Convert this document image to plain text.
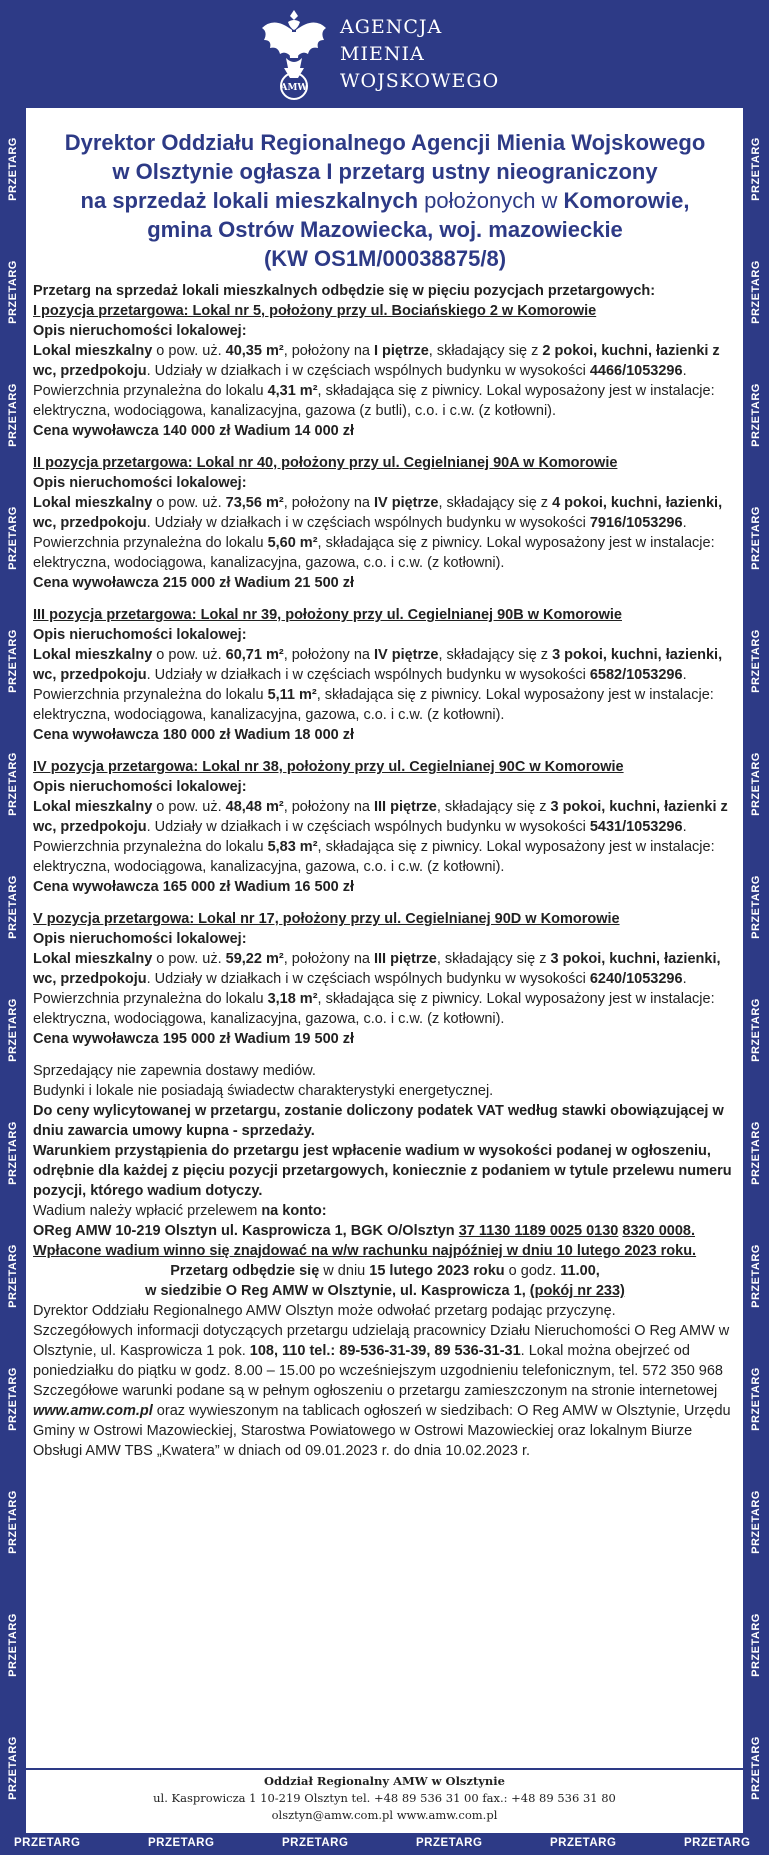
AMW
AGENCJA
MIENIA
WOJSKOWEGO
PRZETARG
PRZETARG
PRZETARG
PRZETARG
PRZETARG
PRZETARG
PRZETARG
PRZETARG
PRZETARG
PRZETARG
PRZETARG
PRZETARG
PRZETARG
PRZETARG
PRZETARG
PRZETARG
PRZETARG
PRZETARG
PRZETARG
PRZETARG
PRZETARG
PRZETARG
PRZETARG
PRZETARG
PRZETARG
PRZETARG
PRZETARG
PRZETARG
PRZETARG	PRZETARG	PRZETARG	PRZETARG	PRZETARG	PRZETARG
Dyrektor Oddziału Regionalnego Agencji Mienia Wojskowego
w Olsztynie ogłasza I przetarg ustny nieograniczony
na sprzedaż lokali mieszkalnych położonych w Komorowie,
gmina Ostrów Mazowiecka, woj. mazowieckie
(KW OS1M/00038875/8)

Przetarg na sprzedaż lokali mieszkalnych odbędzie się w pięciu pozycjach przetargowych:

I pozycja przetargowa: Lokal nr 5, położony przy ul. Bociańskiego 2 w Komorowie

Opis nieruchomości lokalowej:

Lokal mieszkalny o pow. uż. 40,35 m², położony na I piętrze, składający się z 2 pokoi, kuchni, łazienki z wc, przedpokoju. Udziały w działkach i w częściach wspólnych budynku w wysokości 4466/1053296. Powierzchnia przynależna do lokalu 4,31 m², składająca się z piwnicy. Lokal wyposażony jest w instalacje: elektryczna, wodociągowa, kanalizacyjna, gazowa (z butli), c.o. i c.w. (z kotłowni).

Cena wywoławcza 140 000 zł Wadium 14 000 zł

II pozycja przetargowa: Lokal nr 40, położony przy ul. Cegielnianej 90A w Komorowie

Opis nieruchomości lokalowej:

Lokal mieszkalny o pow. uż. 73,56 m², położony na IV piętrze, składający się z 4 pokoi, kuchni, łazienki, wc, przedpokoju. Udziały w działkach i w częściach wspólnych budynku w wysokości 7916/1053296. Powierzchnia przynależna do lokalu 5,60 m², składająca się z piwnicy. Lokal wyposażony jest w instalacje: elektryczna, wodociągowa, kanalizacyjna, gazowa, c.o. i c.w. (z kotłowni).

Cena wywoławcza 215 000 zł Wadium 21 500 zł

III pozycja przetargowa: Lokal nr 39, położony przy ul. Cegielnianej 90B w Komorowie

Opis nieruchomości lokalowej:

Lokal mieszkalny o pow. uż. 60,71 m², położony na IV piętrze, składający się z 3 pokoi, kuchni, łazienki, wc, przedpokoju. Udziały w działkach i w częściach wspólnych budynku w wysokości 6582/1053296. Powierzchnia przynależna do lokalu 5,11 m², składająca się z piwnicy. Lokal wyposażony jest w instalacje: elektryczna, wodociągowa, kanalizacyjna, gazowa, c.o. i c.w. (z kotłowni).

Cena wywoławcza 180 000 zł Wadium 18 000 zł

IV pozycja przetargowa: Lokal nr 38, położony przy ul. Cegielnianej 90C w Komorowie

Opis nieruchomości lokalowej:

Lokal mieszkalny o pow. uż. 48,48 m², położony na III piętrze, składający się z 3 pokoi, kuchni, łazienki z wc, przedpokoju. Udziały w działkach i w częściach wspólnych budynku w wysokości 5431/1053296. Powierzchnia przynależna do lokalu 5,83 m², składająca się z piwnicy. Lokal wyposażony jest w instalacje: elektryczna, wodociągowa, kanalizacyjna, gazowa, c.o. i c.w. (z kotłowni).

Cena wywoławcza 165 000 zł Wadium 16 500 zł

V pozycja przetargowa: Lokal nr 17, położony przy ul. Cegielnianej 90D w Komorowie

Opis nieruchomości lokalowej:

Lokal mieszkalny o pow. uż. 59,22 m², położony na III piętrze, składający się z 3 pokoi, kuchni, łazienki, wc, przedpokoju. Udziały w działkach i w częściach wspólnych budynku w wysokości 6240/1053296. Powierzchnia przynależna do lokalu 3,18 m², składająca się z piwnicy. Lokal wyposażony jest w instalacje: elektryczna, wodociągowa, kanalizacyjna, gazowa, c.o. i c.w. (z kotłowni).

Cena wywoławcza 195 000 zł Wadium 19 500 zł

Sprzedający nie zapewnia dostawy mediów.

Budynki i lokale nie posiadają świadectw charakterystyki energetycznej.

Do ceny wylicytowanej w przetargu, zostanie doliczony podatek VAT według stawki obowiązującej w dniu zawarcia umowy kupna - sprzedaży.

Warunkiem przystąpienia do przetargu jest wpłacenie wadium w wysokości podanej w ogłoszeniu, odrębnie dla każdej z pięciu pozycji przetargowych, koniecznie z podaniem w tytule przelewu numeru pozycji, którego wadium dotyczy.

Wadium należy wpłacić przelewem na konto:
OReg AMW 10-219 Olsztyn ul. Kasprowicza 1, BGK O/Olsztyn 37 1130 1189 0025 0130 8320 0008. Wpłacone wadium winno się znajdować na w/w rachunku najpóźniej w dniu 10 lutego 2023 roku.

Przetarg odbędzie się w dniu 15 lutego 2023 roku o godz. 11.00,
w siedzibie O Reg AMW w Olsztynie, ul. Kasprowicza 1, (pokój nr 233)

Dyrektor Oddziału Regionalnego AMW Olsztyn może odwołać przetarg podając przyczynę.

Szczegółowych informacji dotyczących przetargu udzielają pracownicy Działu Nieruchomości O Reg AMW w Olsztynie, ul. Kasprowicza 1 pok. 108, 110 tel.: 89-536-31-39, 89 536-31-31. Lokal można obejrzeć od poniedziałku do piątku w godz. 8.00 – 15.00 po wcześniejszym uzgodnieniu telefonicznym, tel. 572 350 968

Szczegółowe warunki podane są w pełnym ogłoszeniu o przetargu zamieszczonym na stronie internetowej www.amw.com.pl oraz wywieszonym na tablicach ogłoszeń w siedzibach: O Reg AMW w Olsztynie, Urzędu Gminy w Ostrowi Mazowieckiej, Starostwa Powiatowego w Ostrowi Mazowieckiej oraz lokalnym Biurze Obsługi AMW TBS „Kwatera” w dniach od 09.01.2023 r. do dnia 10.02.2023 r.

Oddział Regionalny AMW w Olsztynie
ul. Kasprowicza 1 10-219 Olsztyn tel. +48 89 536 31 00 fax.: +48 89 536 31 80
olsztyn@amw.com.pl www.amw.com.pl
